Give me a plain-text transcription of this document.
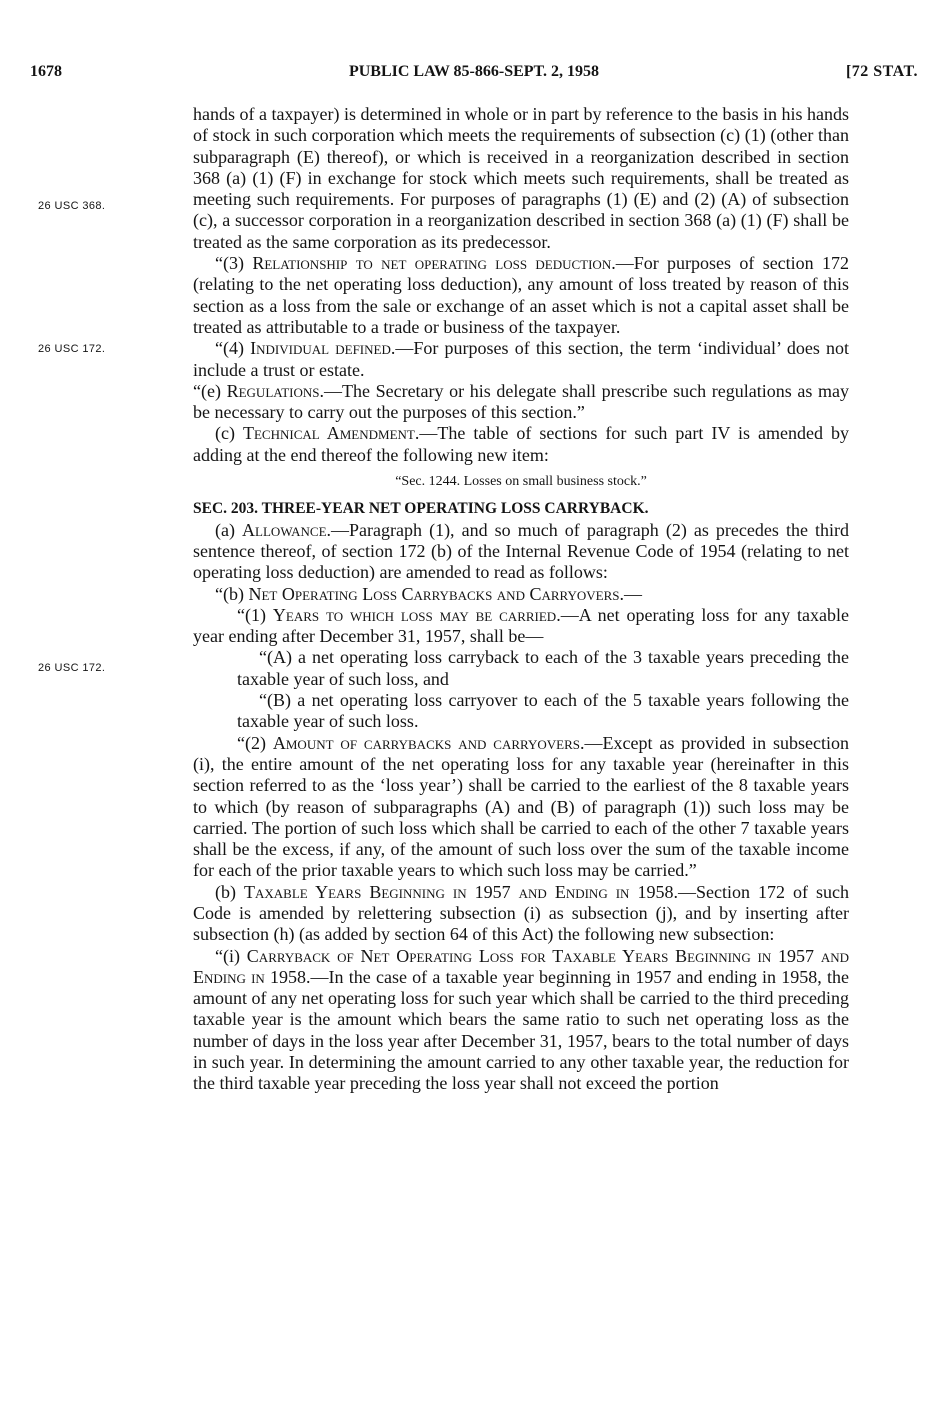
1678	PUBLIC LAW 85-866-SEPT. 2, 1958	[72 STAT.
26 USC 368.
26 USC 172.
26 USC 172.

hands of a taxpayer) is determined in whole or in part by reference to the basis in his hands of stock in such corporation which meets the requirements of subsection (c) (1) (other than subparagraph (E) thereof), or which is received in a reorganization described in section 368 (a) (1) (F) in exchange for stock which meets such requirements, shall be treated as meeting such requirements. For purposes of paragraphs (1) (E) and (2) (A) of subsection (c), a successor corporation in a reorganization described in section 368 (a) (1) (F) shall be treated as the same corporation as its predecessor.

“(3) Relationship to net operating loss deduction.—For purposes of section 172 (relating to the net operating loss deduction), any amount of loss treated by reason of this section as a loss from the sale or exchange of an asset which is not a capital asset shall be treated as attributable to a trade or business of the taxpayer.

“(4) Individual defined.—For purposes of this section, the term ‘individual’ does not include a trust or estate.

“(e) Regulations.—The Secretary or his delegate shall prescribe such regulations as may be necessary to carry out the purposes of this section.”

(c) Technical Amendment.—The table of sections for such part IV is amended by adding at the end thereof the following new item:

“Sec. 1244. Losses on small business stock.”

SEC. 203. THREE-YEAR NET OPERATING LOSS CARRYBACK.

(a) Allowance.—Paragraph (1), and so much of paragraph (2) as precedes the third sentence thereof, of section 172 (b) of the Internal Revenue Code of 1954 (relating to net operating loss deduction) are amended to read as follows:

“(b) Net Operating Loss Carrybacks and Carryovers.—

“(1) Years to which loss may be carried.—A net operating loss for any taxable year ending after December 31, 1957, shall be—

“(A) a net operating loss carryback to each of the 3 taxable years preceding the taxable year of such loss, and

“(B) a net operating loss carryover to each of the 5 taxable years following the taxable year of such loss.

“(2) Amount of carrybacks and carryovers.—Except as provided in subsection (i), the entire amount of the net operating loss for any taxable year (hereinafter in this section referred to as the ‘loss year’) shall be carried to the earliest of the 8 taxable years to which (by reason of subparagraphs (A) and (B) of paragraph (1)) such loss may be carried. The portion of such loss which shall be carried to each of the other 7 taxable years shall be the excess, if any, of the amount of such loss over the sum of the taxable income for each of the prior taxable years to which such loss may be carried.”

(b) Taxable Years Beginning in 1957 and Ending in 1958.—Section 172 of such Code is amended by relettering subsection (i) as subsection (j), and by inserting after subsection (h) (as added by section 64 of this Act) the following new subsection:

“(i) Carryback of Net Operating Loss for Taxable Years Beginning in 1957 and Ending in 1958.—In the case of a taxable year beginning in 1957 and ending in 1958, the amount of any net operating loss for such year which shall be carried to the third preceding taxable year is the amount which bears the same ratio to such net operating loss as the number of days in the loss year after December 31, 1957, bears to the total number of days in such year. In determining the amount carried to any other taxable year, the reduction for the third taxable year preceding the loss year shall not exceed the portion
